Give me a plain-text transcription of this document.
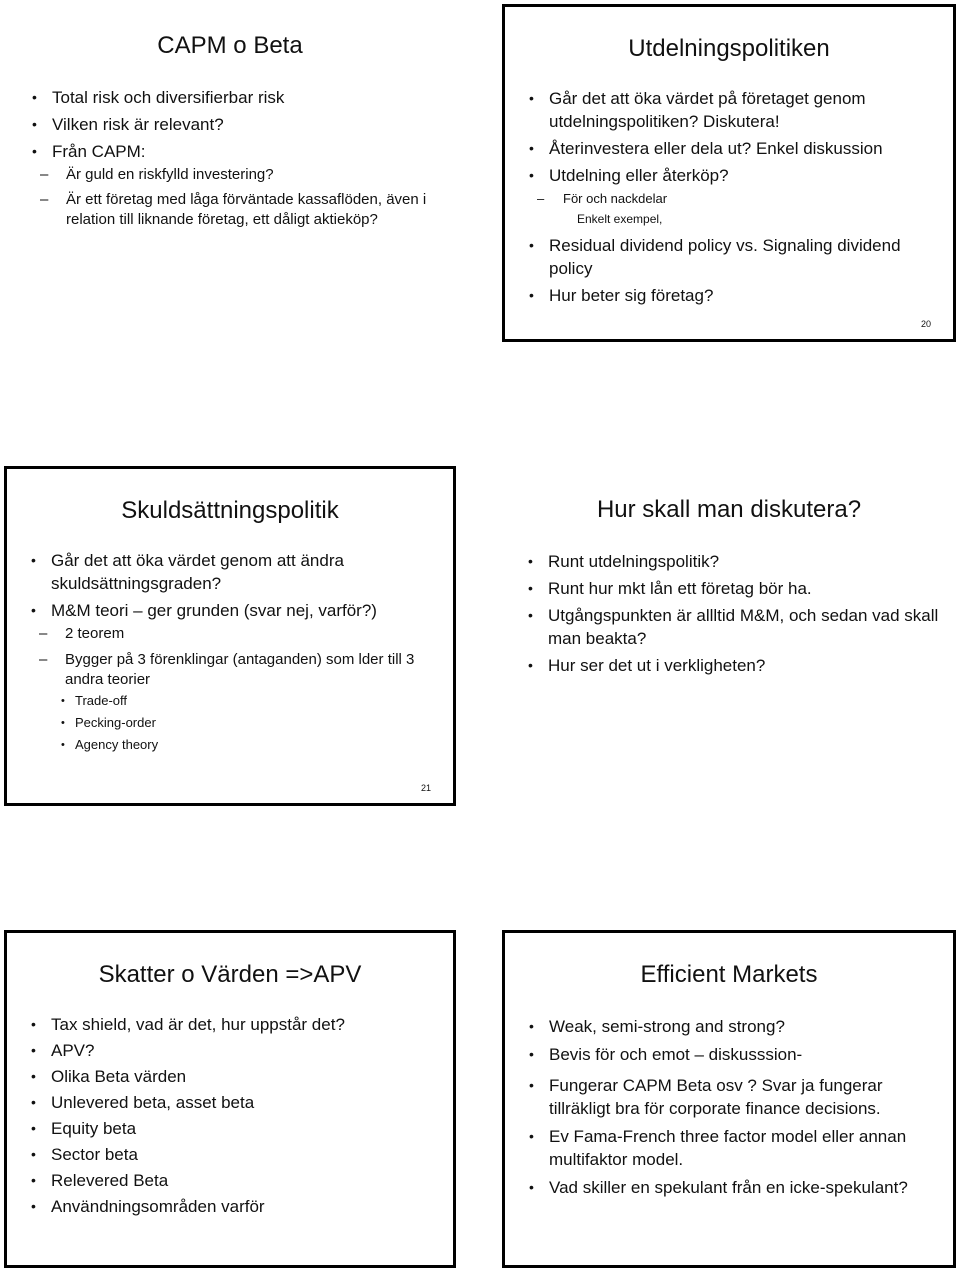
CAPM o Beta
• Total risk och diversifierbar risk
• Vilken risk är relevant?
• Från CAPM:
– Är guld en riskfylld investering?
– Är ett företag med låga förväntade kassaflöden, även i relation till liknande företag, ett dåligt aktieköp?
Utdelningspolitiken
• Går det att öka värdet på företaget genom utdelningspolitiken? Diskutera!
• Återinvestera eller dela ut? Enkel diskussion
• Utdelning eller återköp?
– För och nackdelar
Enkelt exempel,
• Residual dividend policy vs. Signaling dividend policy
• Hur beter sig företag?
20
Skuldsättningspolitik
• Går det att öka värdet genom att ändra skuldsättningsgraden?
• M&M teori – ger grunden (svar nej, varför?)
– 2 teorem
– Bygger på 3 förenklingar (antaganden) som lder till 3 andra teorier
• Trade-off
• Pecking-order
• Agency theory
21
Hur skall man diskutera?
• Runt utdelningspolitik?
• Runt hur mkt lån ett företag bör ha.
• Utgångspunkten är allltid M&M, och sedan vad skall man beakta?
• Hur ser det ut i verkligheten?
Skatter o Värden =>APV
• Tax shield, vad är det, hur uppstår det?
• APV?
• Olika Beta värden
• Unlevered beta, asset beta
• Equity beta
• Sector beta
• Relevered Beta
• Användningsområden varför
Efficient Markets
• Weak, semi-strong and strong?
• Bevis för och emot – diskusssion-
• Fungerar CAPM Beta osv ? Svar ja fungerar tillräkligt bra för corporate finance decisions.
• Ev Fama-French three factor model eller annan multifaktor model.
• Vad skiller en spekulant från en icke-spekulant?
